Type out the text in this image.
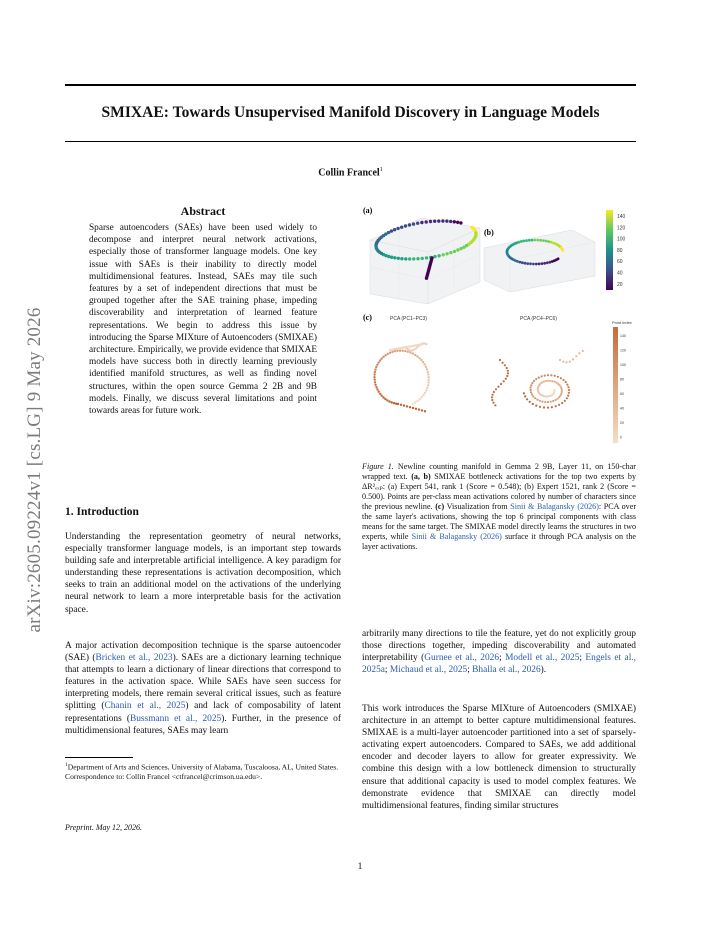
SMIXAE: Towards Unsupervised Manifold Discovery in Language Models
Collin Francel$^1$
arXiv:2605.09224v1 [cs.LG] 9 May 2026
Abstract
Sparse autoencoders (SAEs) have been used widely to decompose and interpret neural network activations, especially those of transformer language models. One key issue with SAEs is their inability to directly model multidimensional features. Instead, SAEs may tile such features by a set of independent directions that must be grouped together after the SAE training phase, impeding discoverability and interpretation of learned feature representations. We begin to address this issue by introducing the Sparse MIXture of Autoencoders (SMIXAE) architecture. Empirically, we provide evidence that SMIXAE models have success both in directly learning previously identified manifold structures, as well as finding novel structures, within the open source Gemma 2 2B and 9B models. Finally, we discuss several limitations and point towards areas for future work.
1. Introduction
Understanding the representation geometry of neural networks, especially transformer language models, is an important step towards building safe and interpretable artificial intelligence. A key paradigm for understanding these representations is activation decomposition, which seeks to train an additional model on the activations of the underlying neural network to learn a more interpretable basis for the activation space.
A major activation decomposition technique is the sparse autoencoder (SAE) (Bricken et al., 2023). SAEs are a dictionary learning technique that attempts to learn a dictionary of linear directions that correspond to features in the activation space. While SAEs have seen success for interpreting models, there remain several critical issues, such as feature splitting (Chanin et al., 2025) and lack of composability of latent representations (Bussmann et al., 2025). Further, in the presence of multidimensional features, SAEs may learn
$^1$Department of Arts and Sciences, University of Alabama, Tuscaloosa, AL, United States. Correspondence to: Collin Francel <ctfrancel@crimson.ua.edu>.
Preprint. May 12, 2026.
1
(a)
(b)
140
120
100
80
60
40
20
(c)	PCA (PC1–PC3)	PCA (PC4–PC6)
Point index
140
120
100
80
60
40
20
0
Figure 1. Newline counting manifold in Gemma 2 9B, Layer 11, on 150-char wrapped text. (a, b) SMIXAE bottleneck activations for the top two experts by ΔR²ₑₓₚ: (a) Expert 541, rank 1 (Score = 0.548); (b) Expert 1521, rank 2 (Score = 0.500). Points are per-class mean activations colored by number of characters since the previous newline. (c) Visualization from Sinii & Balagansky (2026): PCA over the same layer's activations, showing the top 6 principal components with class means for the same target. The SMIXAE model directly learns the structures in two experts, while Sinii & Balagansky (2026) surface it through PCA analysis on the layer activations.
arbitrarily many directions to tile the feature, yet do not explicitly group those directions together, impeding discoverability and automated interpretability (Gurnee et al., 2026; Modell et al., 2025; Engels et al., 2025a; Michaud et al., 2025; Bhalla et al., 2026).
This work introduces the Sparse MIXture of Autoencoders (SMIXAE) architecture in an attempt to better capture multidimensional features. SMIXAE is a multi-layer autoencoder partitioned into a set of sparsely-activating expert autoencoders. Compared to SAEs, we add additional encoder and decoder layers to allow for greater expressivity. We combine this design with a low bottleneck dimension to structurally ensure that additional capacity is used to model complex features. We demonstrate evidence that SMIXAE can directly model multidimensional features, finding similar structures
